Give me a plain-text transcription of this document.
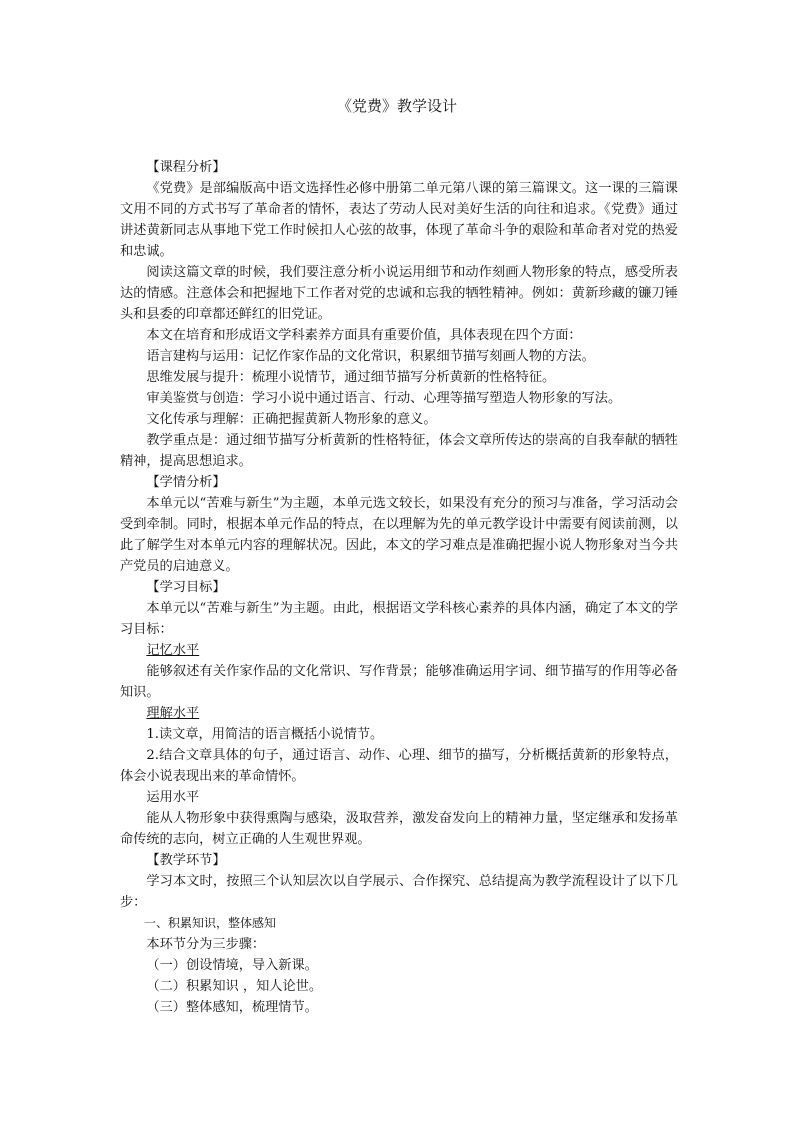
《党费》教学设计

【课程分析】

《党费》是部编版高中语文选择性必修中册第二单元第八课的第三篇课文。这一课的三篇课文用不同的方式书写了革命者的情怀，表达了劳动人民对美好生活的向往和追求。《党费》通过讲述黄新同志从事地下党工作时候扣人心弦的故事，体现了革命斗争的艰险和革命者对党的热爱和忠诚。

阅读这篇文章的时候，我们要注意分析小说运用细节和动作刻画人物形象的特点，感受所表达的情感。注意体会和把握地下工作者对党的忠诚和忘我的牺牲精神。例如：黄新珍藏的镰刀锤头和县委的印章都还鲜红的旧党证。

本文在培育和形成语文学科素养方面具有重要价值，具体表现在四个方面：

语言建构与运用：记忆作家作品的文化常识，积累细节描写刻画人物的方法。

思维发展与提升：梳理小说情节，通过细节描写分析黄新的性格特征。

审美鉴赏与创造：学习小说中通过语言、行动、心理等描写塑造人物形象的写法。

文化传承与理解：正确把握黄新人物形象的意义。

教学重点是：通过细节描写分析黄新的性格特征，体会文章所传达的崇高的自我奉献的牺牲精神，提高思想追求。

【学情分析】

本单元以“苦难与新生”为主题，本单元选文较长，如果没有充分的预习与准备，学习活动会受到牵制。同时，根据本单元作品的特点，在以理解为先的单元教学设计中需要有阅读前测，以此了解学生对本单元内容的理解状况。因此，本文的学习难点是准确把握小说人物形象对当今共产党员的启迪意义。

【学习目标】

本单元以“苦难与新生”为主题。由此，根据语文学科核心素养的具体内涵，确定了本文的学习目标：

记忆水平

能够叙述有关作家作品的文化常识、写作背景；能够准确运用字词、细节描写的作用等必备知识。

理解水平

1.读文章，用简洁的语言概括小说情节。

2.结合文章具体的句子，通过语言、动作、心理、细节的描写，分析概括黄新的形象特点，体会小说表现出来的革命情怀。

运用水平

能从人物形象中获得熏陶与感染，汲取营养，激发奋发向上的精神力量，坚定继承和发扬革命传统的志向，树立正确的人生观世界观。

【教学环节】

学习本文时，按照三个认知层次以自学展示、合作探究、总结提高为教学流程设计了以下几步：

一、积累知识，整体感知

本环节分为三步骤：

（一）创设情境，导入新课。

（二）积累知识 ，知人论世。

（三）整体感知，梳理情节。
